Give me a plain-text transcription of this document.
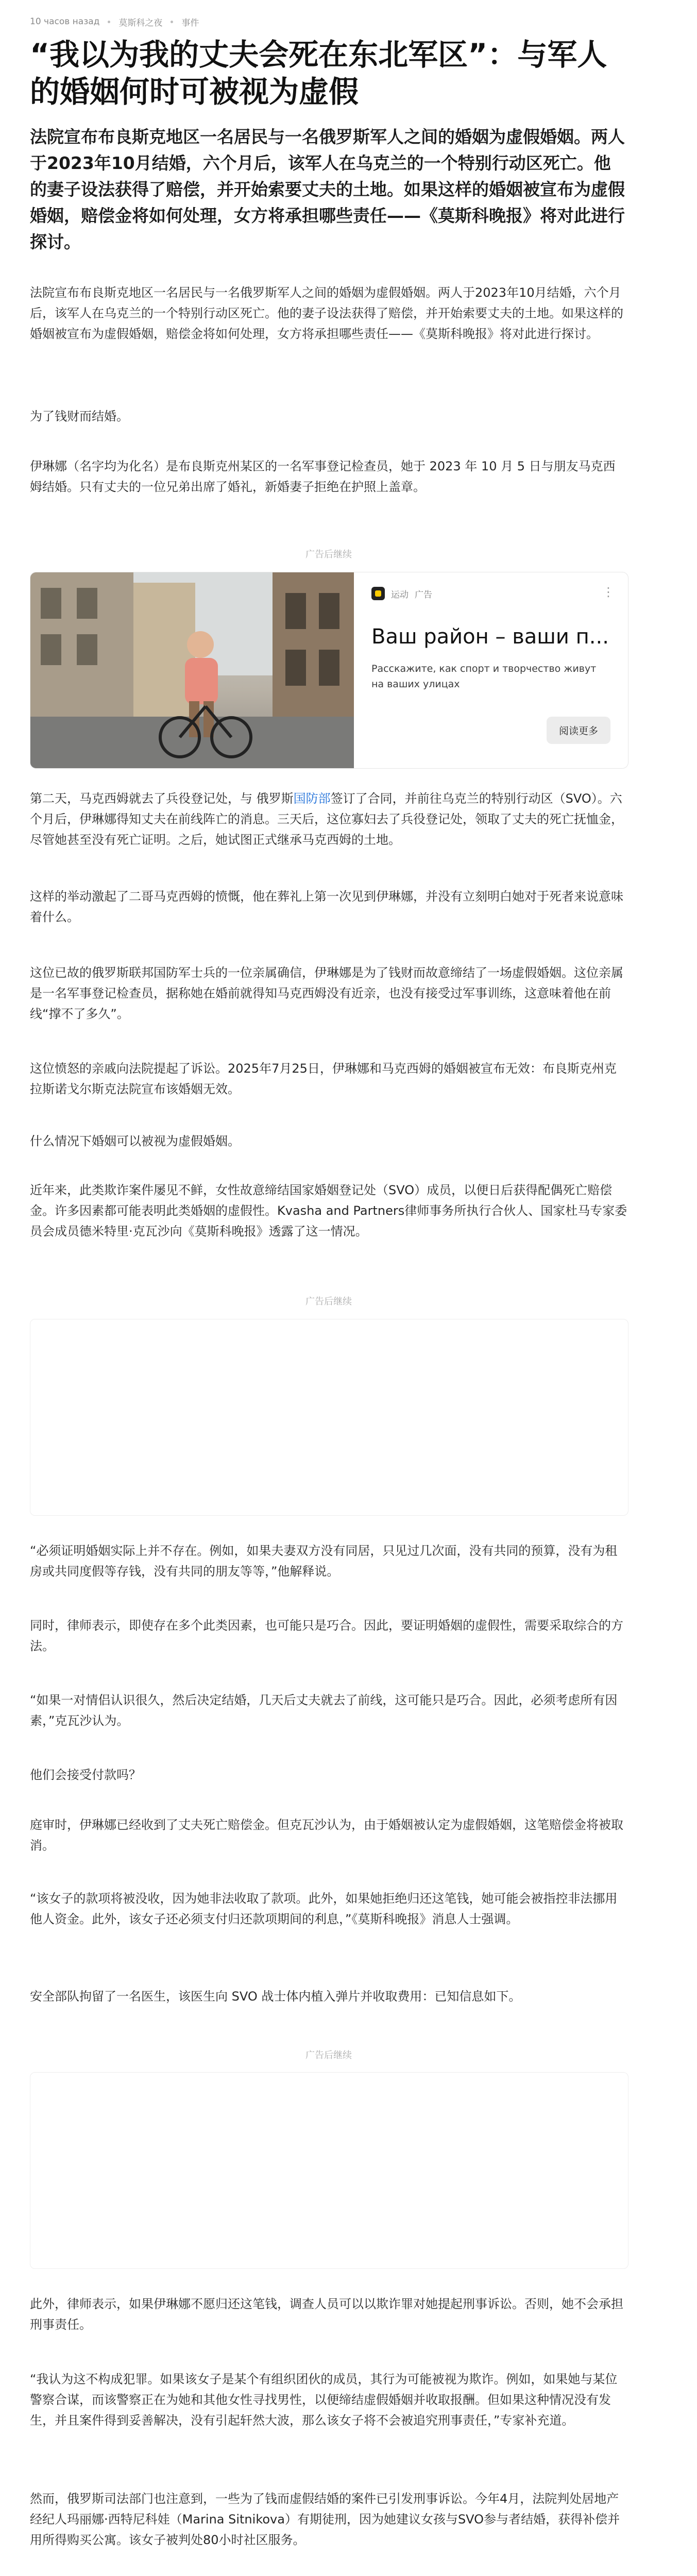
10 часов назад 莫斯科之夜 事件
“我以为我的丈夫会死在东北军区”：与军人的婚姻何时可被视为虚假

法院宣布布良斯克地区一名居民与一名俄罗斯军人之间的婚姻为虚假婚姻。两人于2023年10月结婚，六个月后，该军人在乌克兰的一个特别行动区死亡。他的妻子设法获得了赔偿，并开始索要丈夫的土地。如果这样的婚姻被宣布为虚假婚姻，赔偿金将如何处理，女方将承担哪些责任——《莫斯科晚报》将对此进行探讨。

法院宣布布良斯克地区一名居民与一名俄罗斯军人之间的婚姻为虚假婚姻。两人于2023年10月结婚，六个月后，该军人在乌克兰的一个特别行动区死亡。他的妻子设法获得了赔偿，并开始索要丈夫的土地。如果这样的婚姻被宣布为虚假婚姻，赔偿金将如何处理，女方将承担哪些责任——《莫斯科晚报》将对此进行探讨。

为了钱财而结婚。

伊琳娜（名字均为化名）是布良斯克州某区的一名军事登记检查员，她于 2023 年 10 月 5 日与朋友马克西姆结婚。只有丈夫的一位兄弟出席了婚礼，新婚妻子拒绝在护照上盖章。

广告后继续
运动 广告	⋮
Ваш район – ваши п...
Расскажите, как спорт и творчество живут на ваших улицах
阅读更多

第二天，马克西姆就去了兵役登记处，与 俄罗斯国防部签订了合同，并前往乌克兰的特别行动区（SVO）。六个月后，伊琳娜得知丈夫在前线阵亡的消息。三天后，这位寡妇去了兵役登记处，领取了丈夫的死亡抚恤金，尽管她甚至没有死亡证明。之后，她试图正式继承马克西姆的土地。

这样的举动激起了二哥马克西姆的愤慨，他在葬礼上第一次见到伊琳娜，并没有立刻明白她对于死者来说意味着什么。

这位已故的俄罗斯联邦国防军士兵的一位亲属确信，伊琳娜是为了钱财而故意缔结了一场虚假婚姻。这位亲属是一名军事登记检查员，据称她在婚前就得知马克西姆没有近亲，也没有接受过军事训练，这意味着他在前线“撑不了多久”。

这位愤怒的亲戚向法院提起了诉讼。2025年7月25日，伊琳娜和马克西姆的婚姻被宣布无效：布良斯克州克拉斯诺戈尔斯克法院宣布该婚姻无效。

什么情况下婚姻可以被视为虚假婚姻。

近年来，此类欺诈案件屡见不鲜，女性故意缔结国家婚姻登记处（SVO）成员，以便日后获得配偶死亡赔偿金。许多因素都可能表明此类婚姻的虚假性。Kvasha and Partners律师事务所执行合伙人、国家杜马专家委员会成员德米特里·克瓦沙向《莫斯科晚报》透露了这一情况。

广告后继续

“必须证明婚姻实际上并不存在。例如，如果夫妻双方没有同居，只见过几次面，没有共同的预算，没有为租房或共同度假等存钱，没有共同的朋友等等，”他解释说。

同时，律师表示，即使存在多个此类因素，也可能只是巧合。因此，要证明婚姻的虚假性，需要采取综合的方法。

“如果一对情侣认识很久，然后决定结婚，几天后丈夫就去了前线，这可能只是巧合。因此，必须考虑所有因素，”克瓦沙认为。

他们会接受付款吗？

庭审时，伊琳娜已经收到了丈夫死亡赔偿金。但克瓦沙认为，由于婚姻被认定为虚假婚姻，这笔赔偿金将被取消。

“该女子的款项将被没收，因为她非法收取了款项。此外，如果她拒绝归还这笔钱，她可能会被指控非法挪用他人资金。此外，该女子还必须支付归还款项期间的利息，”《莫斯科晚报》消息人士强调。

安全部队拘留了一名医生，该医生向 SVO 战士体内植入弹片并收取费用：已知信息如下。

广告后继续

此外，律师表示，如果伊琳娜不愿归还这笔钱，调查人员可以以欺诈罪对她提起刑事诉讼。否则，她不会承担刑事责任。

“我认为这不构成犯罪。如果该女子是某个有组织团伙的成员，其行为可能被视为欺诈。例如，如果她与某位警察合谋，而该警察正在为她和其他女性寻找男性，以便缔结虚假婚姻并收取报酬。但如果这种情况没有发生，并且案件得到妥善解决，没有引起轩然大波，那么该女子将不会被追究刑事责任，”专家补充道。

然而，俄罗斯司法部门也注意到，一些为了钱而虚假结婚的案件已引发刑事诉讼。今年4月，法院判处居地产经纪人玛丽娜·西特尼科娃（Marina Sitnikova）有期徒刑，因为她建议女孩与SVO参与者结婚，获得补偿并用所得购买公寓。该女子被判处80小时社区服务。
